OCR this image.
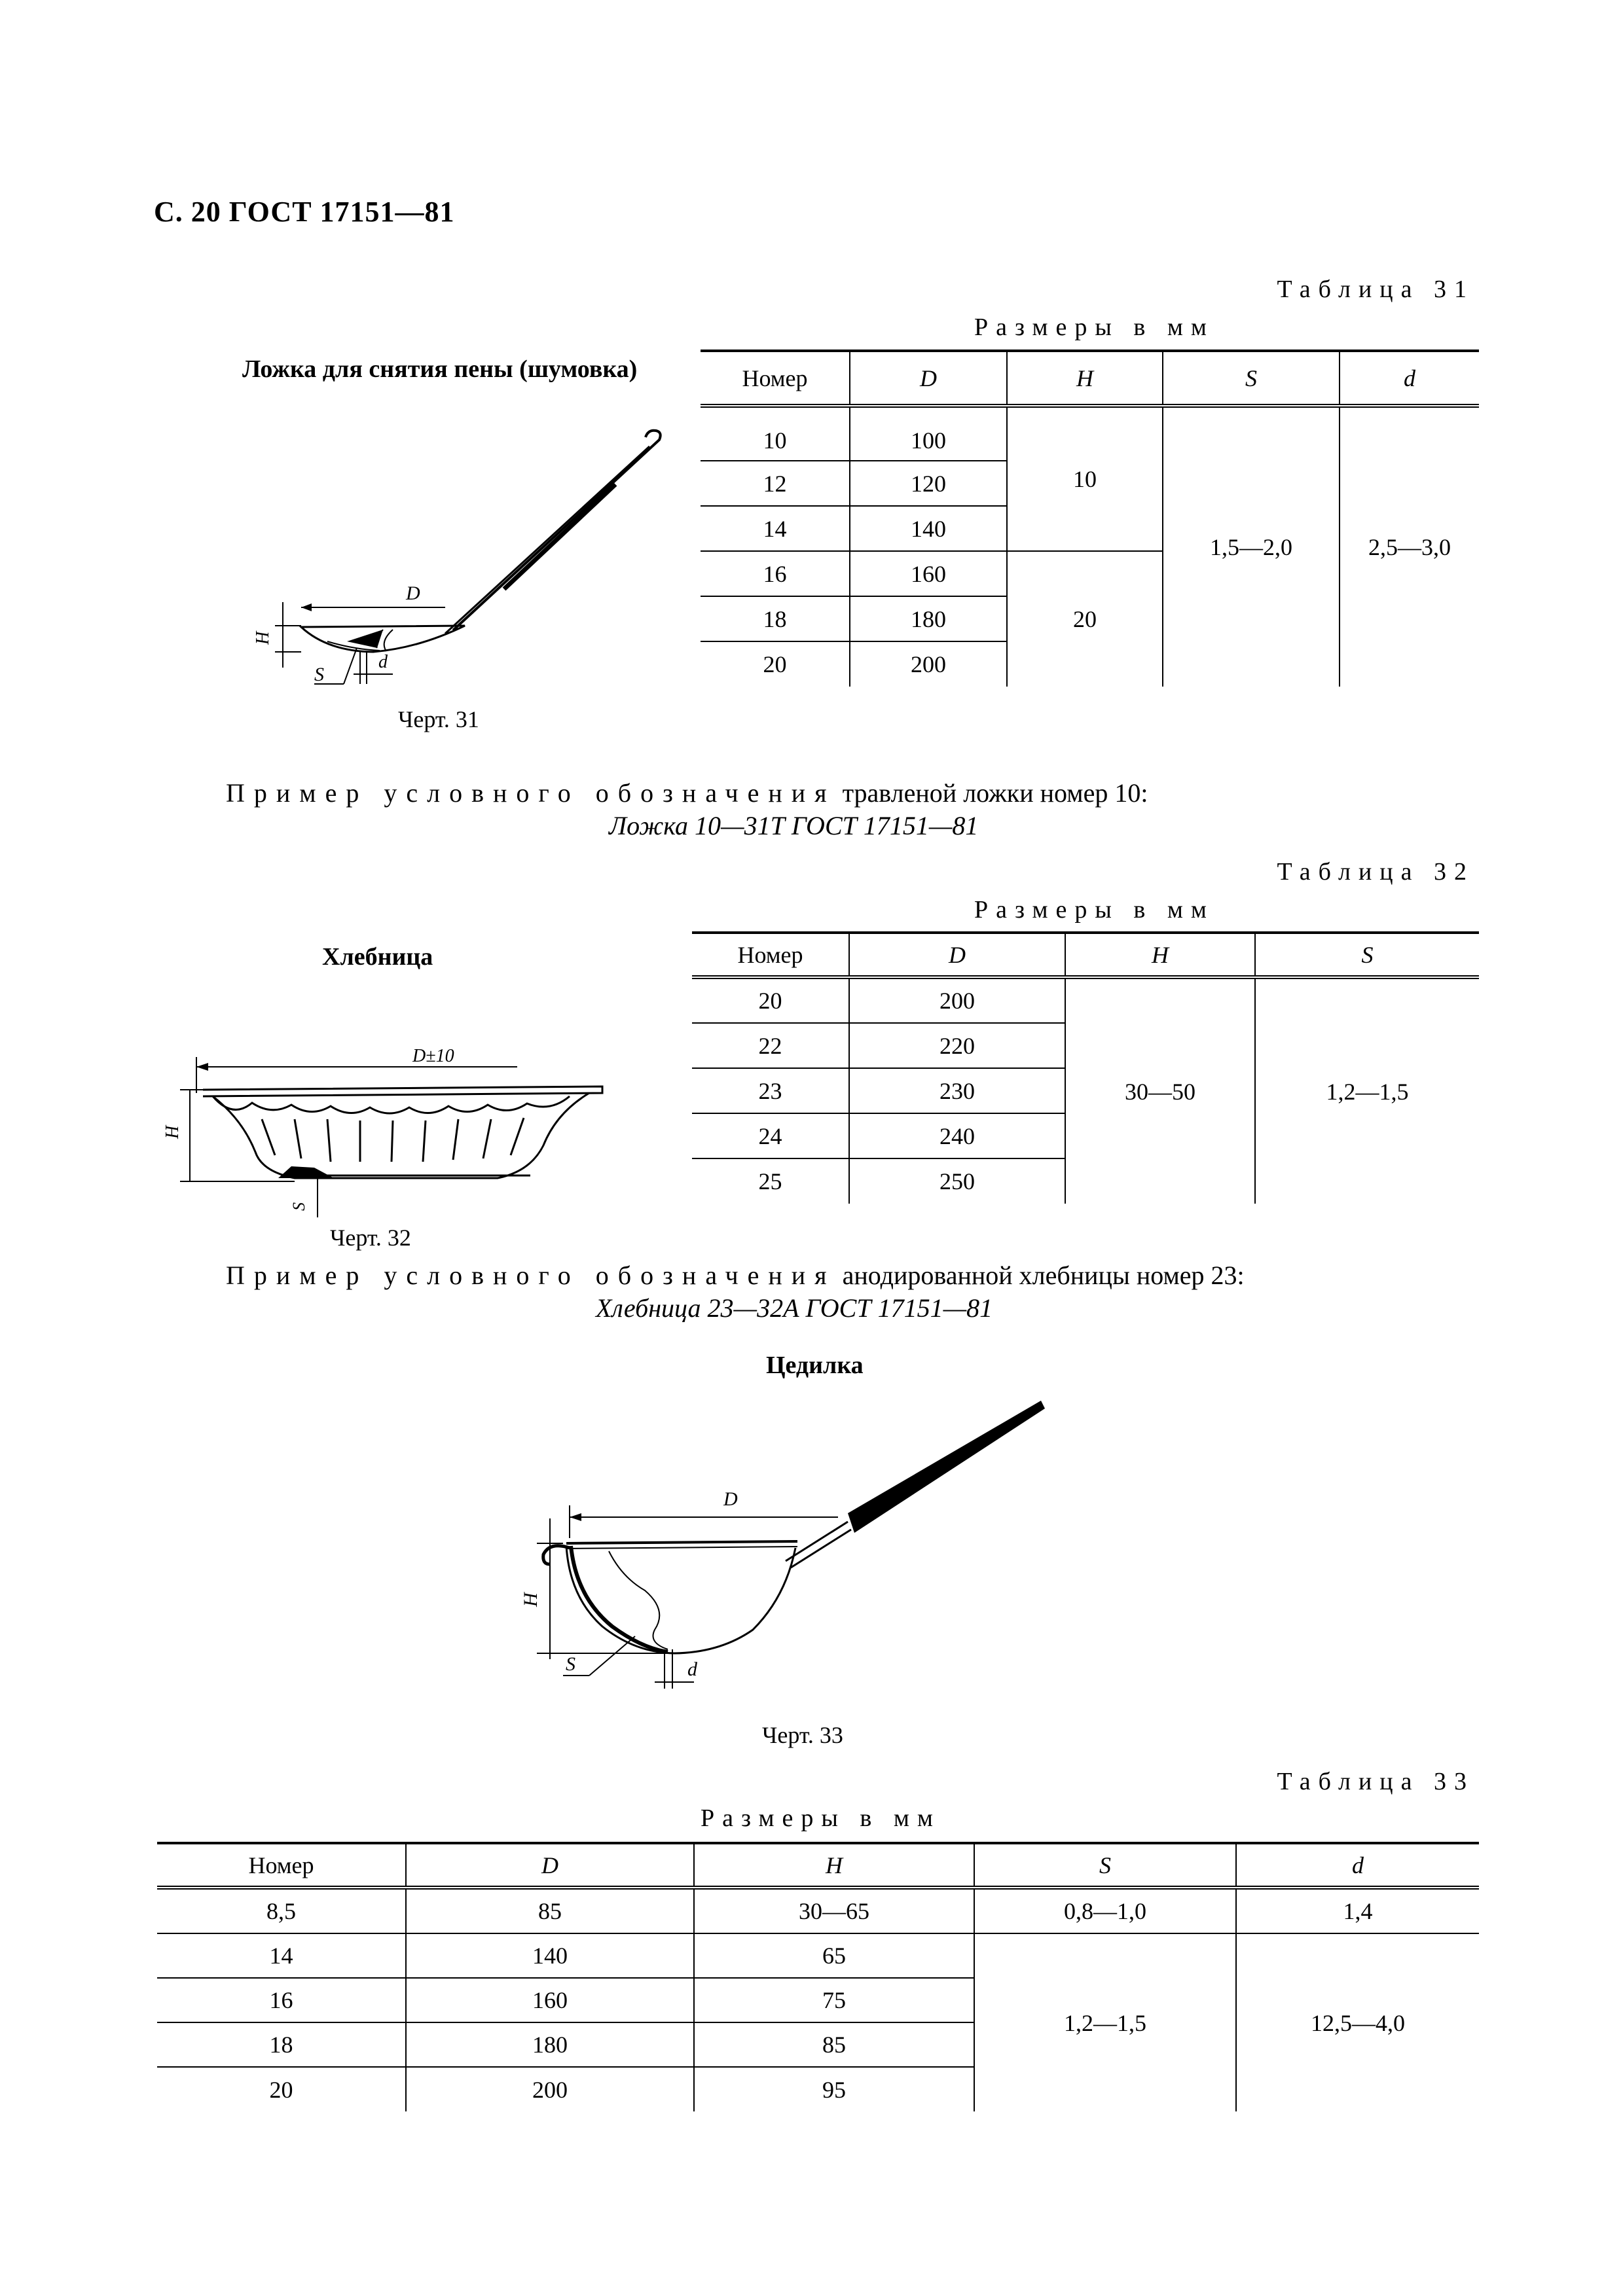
С. 20 ГОСТ 17151—81
Таблица 31
Размеры в мм
Ложка для снятия пены (шумовка)
D
H
S
d
Черт. 31
Номер	D	H	S	d
10	100	10	1,5—2,0	2,5—3,0
12	120			
14	140			
16	160	20		
18	180			
20	200			
Пример условного обозначения травленой ложки номер 10:
Ложка 10—31Т ГОСТ 17151—81
Таблица 32
Размеры в мм
Хлебница
D±10
H
S
Черт. 32
Номер	D	H	S
20	200	30—50	1,2—1,5
22	220		
23	230		
24	240		
25	250		
Пример условного обозначения анодированной хлебницы номер 23:
Хлебница 23—32А ГОСТ 17151—81
Цедилка
D
H
S	d
Черт. 33
Таблица 33
Размеры в мм
Номер	D	H	S	d
8,5	85	30—65	0,8—1,0	1,4
14	140	65	1,2—1,5	12,5—4,0
16	160	75		
18	180	85		
20	200	95		
